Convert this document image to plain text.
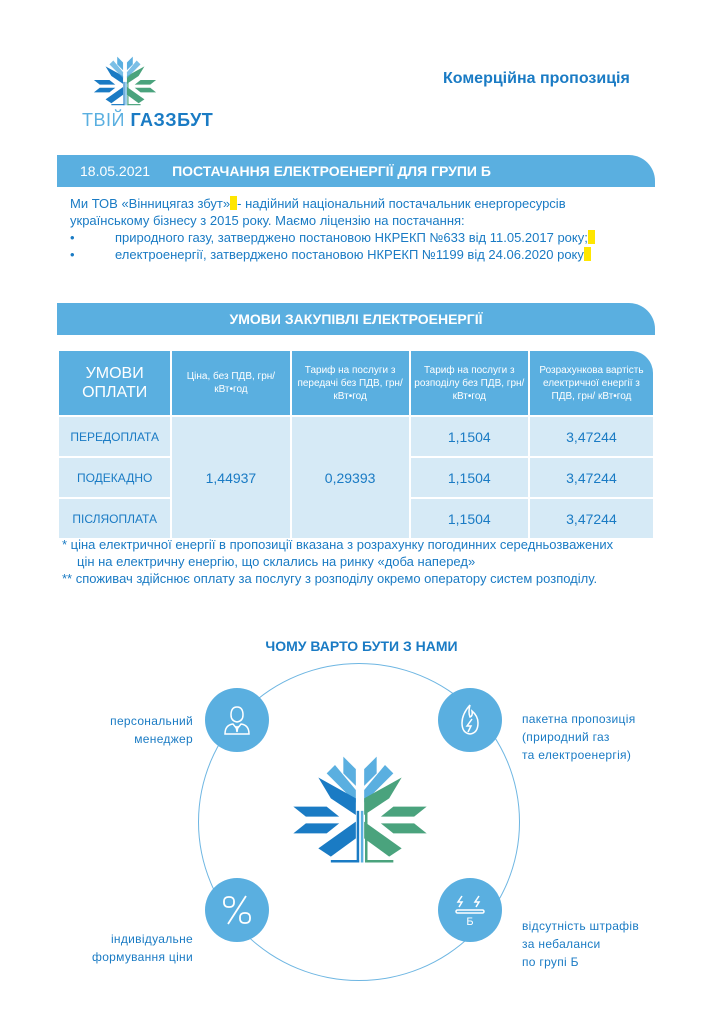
ТВІЙ ГАЗЗБУТ
Комерційна пропозиція
18.05.2021 ПОСТАЧАННЯ ЕЛЕКТРОЕНЕРГІЇ ДЛЯ ГРУПИ Б
Ми ТОВ «Вінницягаз збут» - надійний національний постачальник енергоресурсів
українському бізнесу з 2015 року. Маємо ліцензію на постачання:
•	природного газу, затверджено постановою НКРЕКП №633 від 11.05.2017 року;
•	електроенергії, затверджено постановою НКРЕКП №1199 від 24.06.2020 року
УМОВИ ЗАКУПІВЛІ ЕЛЕКТРОЕНЕРГІЇ
УМОВИ ОПЛАТИ	Ціна, без ПДВ, грн/кВт•год	Тариф на послуги з передачі без ПДВ, грн/кВт•год	Тариф на послуги з розподілу без ПДВ, грн/кВт•год	Розрахункова вартість електричної енергії з ПДВ, грн/ кВт•год
ПЕРЕДОПЛАТА	1,44937	0,29393	1,1504	3,47244
ПОДЕКАДНО			1,1504	3,47244
ПІСЛЯОПЛАТА			1,1504	3,47244
* ціна електричної енергії в пропозиції вказана з розрахунку погодинних середньозважених
цін на електричну енергію, що склались на ринку «доба наперед»
** споживач здійснює оплату за послугу з розподілу окремо оператору систем розподілу.
ЧОМУ ВАРТО БУТИ З НАМИ
Б
персональний
менеджер
пакетна пропозиція
(природний газ
та електроенергія)
індивідуальне
формування ціни
відсутність штрафів
за небаланси
по групі Б
